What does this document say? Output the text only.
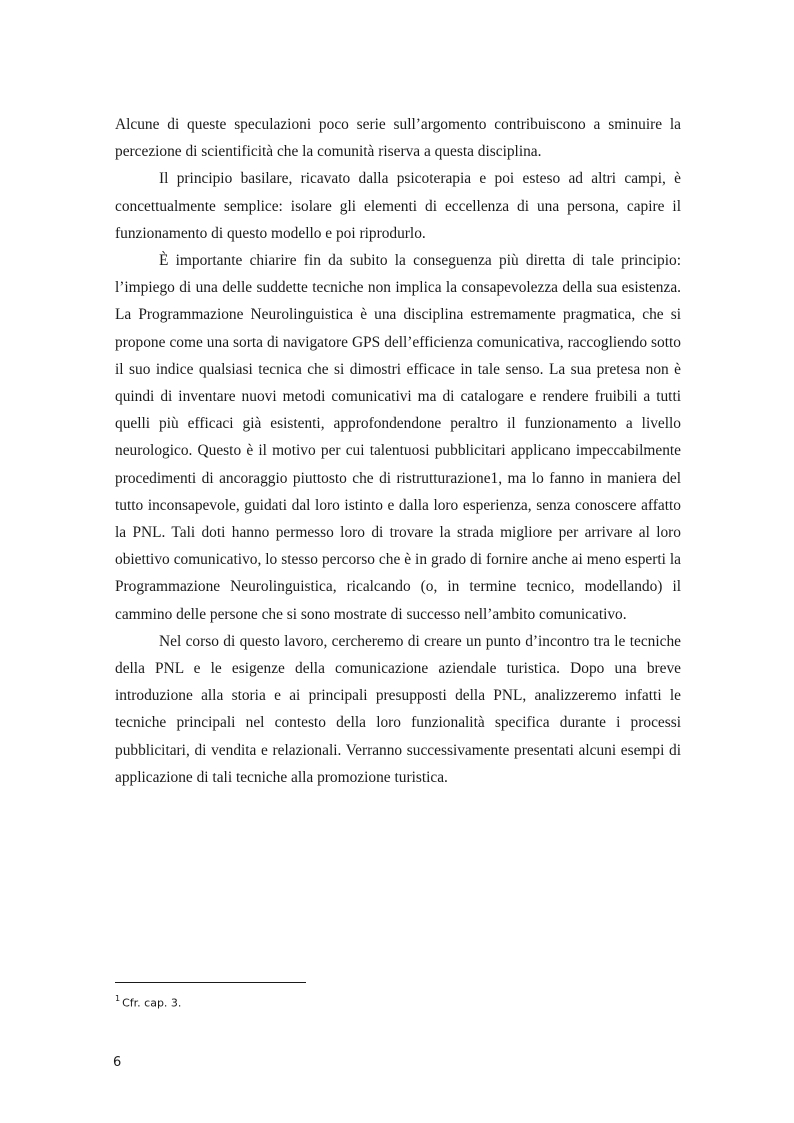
Alcune di queste speculazioni poco serie sull’argomento contribuiscono a sminuire la percezione di scientificità che la comunità riserva a questa disciplina.

Il principio basilare, ricavato dalla psicoterapia e poi esteso ad altri campi, è concettualmente semplice: isolare gli elementi di eccellenza di una persona, capire il funzionamento di questo modello e poi riprodurlo.

È importante chiarire fin da subito la conseguenza più diretta di tale principio: l’impiego di una delle suddette tecniche non implica la consapevolezza della sua esistenza. La Programmazione Neurolinguistica è una disciplina estremamente pragmatica, che si propone come una sorta di navigatore GPS dell’efficienza comunicativa, raccogliendo sotto il suo indice qualsiasi tecnica che si dimostri efficace in tale senso. La sua pretesa non è quindi di inventare nuovi metodi comunicativi ma di catalogare e rendere fruibili a tutti quelli più efficaci già esistenti, approfondendone peraltro il funzionamento a livello neurologico. Questo è il motivo per cui talentuosi pubblicitari applicano impeccabilmente procedimenti di ancoraggio piuttosto che di ristrutturazione1, ma lo fanno in maniera del tutto inconsapevole, guidati dal loro istinto e dalla loro esperienza, senza conoscere affatto la PNL. Tali doti hanno permesso loro di trovare la strada migliore per arrivare al loro obiettivo comunicativo, lo stesso percorso che è in grado di fornire anche ai meno esperti la Programmazione Neurolinguistica, ricalcando (o, in termine tecnico, modellando) il cammino delle persone che si sono mostrate di successo nell’ambito comunicativo.

Nel corso di questo lavoro, cercheremo di creare un punto d’incontro tra le tecniche della PNL e le esigenze della comunicazione aziendale turistica. Dopo una breve introduzione alla storia e ai principali presupposti della PNL, analizzeremo infatti le tecniche principali nel contesto della loro funzionalità specifica durante i processi pubblicitari, di vendita e relazionali. Verranno successivamente presentati alcuni esempi di applicazione di tali tecniche alla promozione turistica.

$^1$ Cfr. cap. 3.
6
